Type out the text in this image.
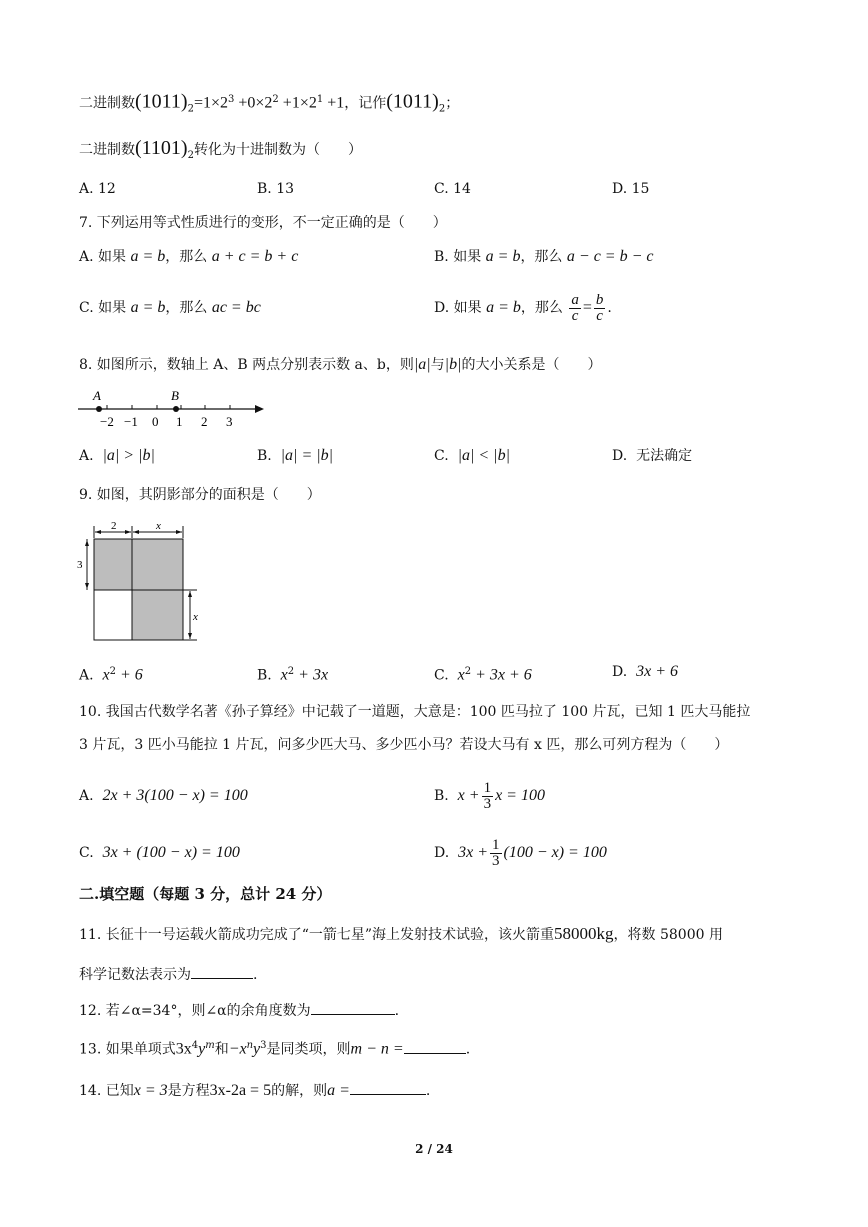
二进制数$(1011)_2=1\times 2^3 +0\times 2^2 +1\times 2^1 +1$，记作$(1011)_2$；
二进制数$(1101)_2$转化为十进制数为（　　）
A. 12	B. 13	C. 14	D. 15
7. 下列运用等式性质进行的变形，不一定正确的是（　　）
A. 如果 a = b，那么 a + c = b + c	B. 如果 a = b，那么 a − c = b − c
C. 如果 a = b，那么 ac = bc	D. 如果 a = b，那么 $\frac{a}{c} = \frac{b}{c}$ .
8. 如图所示，数轴上 A、B 两点分别表示数 a、b，则|a|与|b|的大小关系是（　　）
A	B
−2 −1 0 1 2 3
A. |a| > |b|	B. |a| = |b|	C. |a| < |b|	D. 无法确定
9. 如图，其阴影部分的面积是（　　）
2	x
3
x
A. $x^2 + 6$	B. $x^2 + 3x$	C. $x^2 + 3x + 6$	D. 3x + 6
10. 我国古代数学名著《孙子算经》中记载了一道题，大意是：100 匹马拉了 100 片瓦，已知 1 匹大马能拉
3 片瓦，3 匹小马能拉 1 片瓦，问多少匹大马、多少匹小马？若设大马有 x 匹，那么可列方程为（　　）
A. 2x + 3(100 − x) = 100	B. $x + \frac{1}{3}$ x = 100
C. 3x + (100 − x) = 100	D. $3x + \frac{1}{3} (100 - x) = 100$
二.填空题（每题 3 分，总计 24 分）
11. 长征十一号运载火箭成功完成了“一箭七星”海上发射技术试验，该火箭重58000kg，将数 58000 用
科学记数法表示为	.
12. 若∠α=34°，则∠α的余角度数为	.
13. 如果单项式$3x^4y^m$和$-x^ny^3$是同类项，则m − n =	.
14. 已知x = 3是方程3x-2a = 5的解，则a =	.
2 / 24
